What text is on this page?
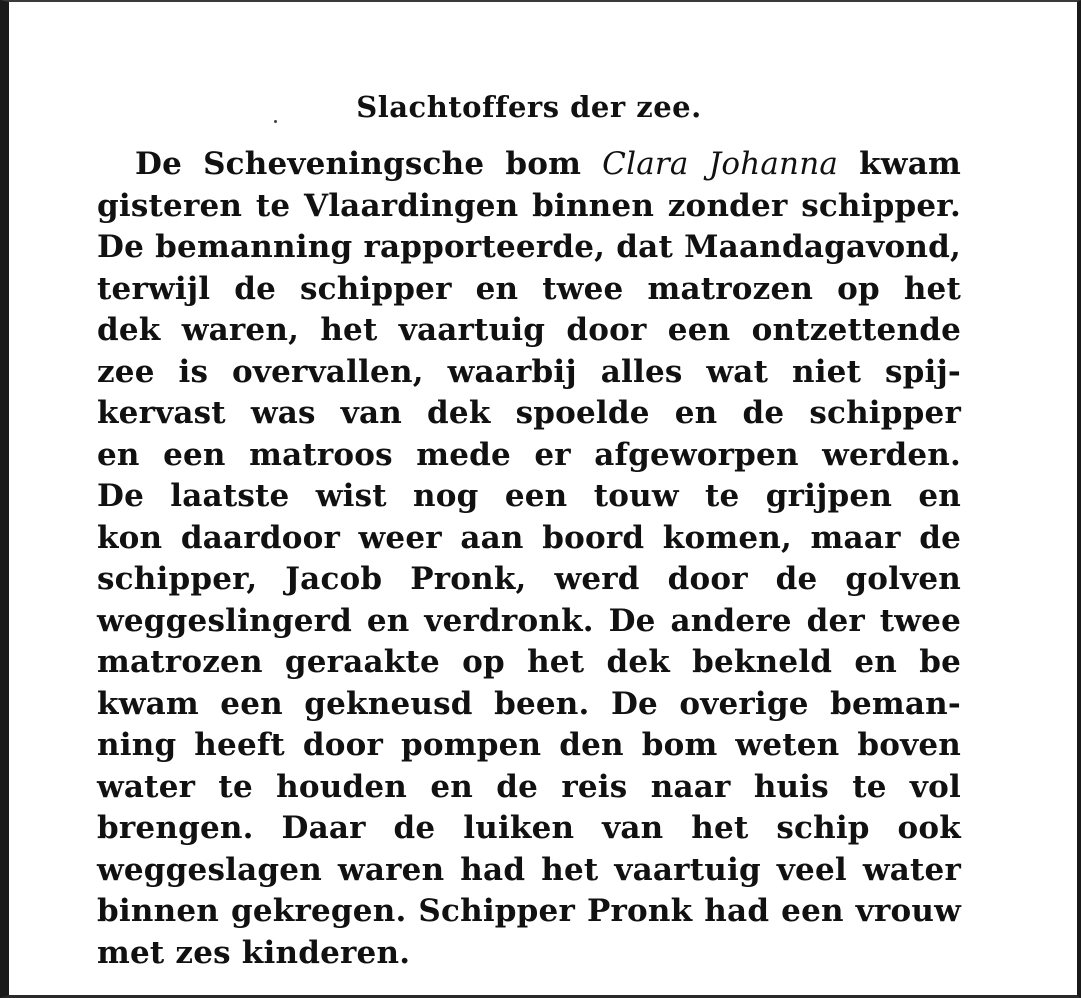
Slachtoffers der zee.
De Scheveningsche bom Clara Johanna kwam
gisteren te Vlaardingen binnen zonder schipper.
De bemanning rapporteerde, dat Maandagavond,
terwijl de schipper en twee matrozen op het
dek waren, het vaartuig door een ontzettende
zee is overvallen, waarbij alles wat niet spij-
kervast was van dek spoelde en de schipper
en een matroos mede er afgeworpen werden.
De laatste wist nog een touw te grijpen en
kon daardoor weer aan boord komen, maar de
schipper, Jacob Pronk, werd door de golven
weggeslingerd en verdronk. De andere der twee
matrozen geraakte op het dek bekneld en be
kwam een gekneusd been. De overige beman-
ning heeft door pompen den bom weten boven
water te houden en de reis naar huis te vol
brengen. Daar de luiken van het schip ook
weggeslagen waren had het vaartuig veel water
binnen gekregen. Schipper Pronk had een vrouw
met zes kinderen.
